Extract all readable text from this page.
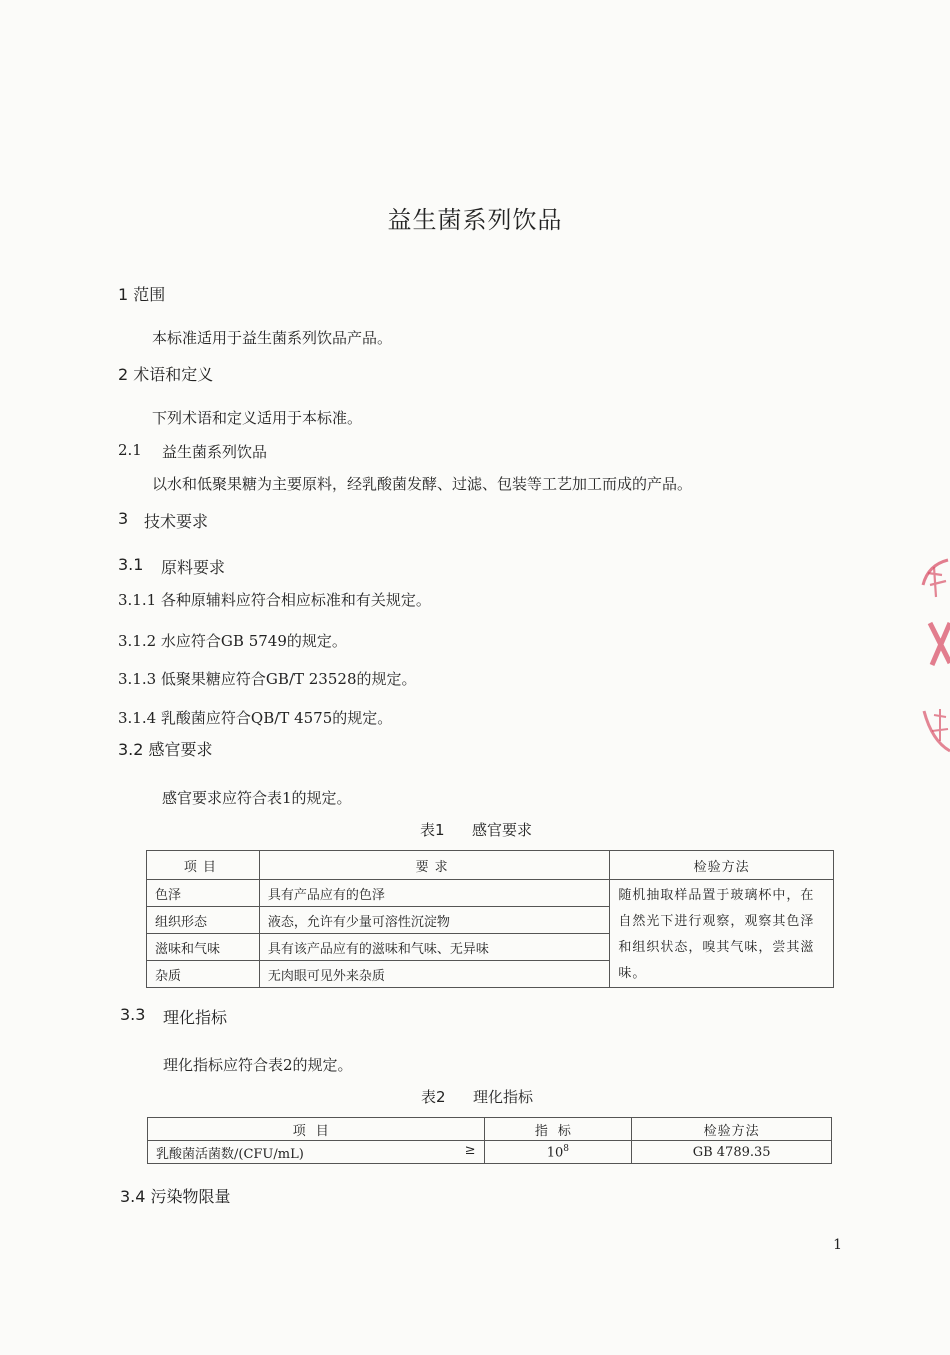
益生菌系列饮品
1 范围
本标准适用于益生菌系列饮品产品。
2 术语和定义
下列术语和定义适用于本标准。
2.1 益生菌系列饮品
以水和低聚果糖为主要原料，经乳酸菌发酵、过滤、包装等工艺加工而成的产品。
3 技术要求
3.1 原料要求
3.1.1 各种原辅料应符合相应标准和有关规定。
3.1.2 水应符合GB 5749的规定。
3.1.3 低聚果糖应符合GB/T 23528的规定。
3.1.4 乳酸菌应符合QB/T 4575的规定。
3.2 感官要求
感官要求应符合表1的规定。
表1 感官要求
项目	要求	检验方法
色泽	具有产品应有的色泽	随机抽取样品置于玻璃杯中，在自然光下进行观察，观察其色泽和组织状态，嗅其气味，尝其滋味。
组织形态	液态，允许有少量可溶性沉淀物	
滋味和气味	具有该产品应有的滋味和气味、无异味	
杂质	无肉眼可见外来杂质	
3.3 理化指标
理化指标应符合表2的规定。
表2 理化指标
项目	指标	检验方法
乳酸菌活菌数/(CFU/mL) ≥	$10^8$	GB 4789.35
3.4 污染物限量
1
